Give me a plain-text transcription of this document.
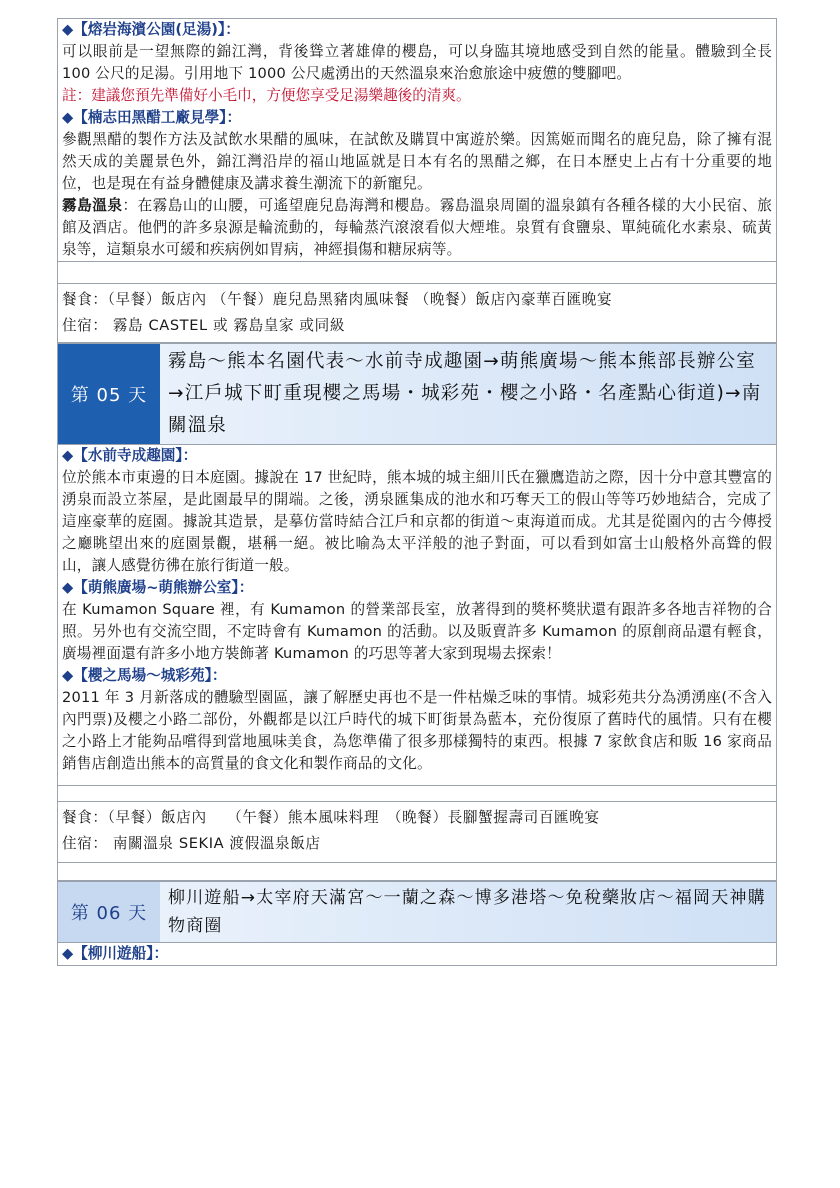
◆【熔岩海濱公園(足湯)】：
可以眼前是一望無際的錦江灣，背後聳立著雄偉的櫻島，可以身臨其境地感受到自然的能量。體驗到全長 100 公尺的足湯。引用地下 1000 公尺處湧出的天然溫泉來治愈旅途中疲憊的雙腳吧。
註：建議您預先準備好小毛巾，方便您享受足湯樂趣後的清爽。
◆【楠志田黑醋工廠見學】：
參觀黑醋的製作方法及試飲水果醋的風味，在試飲及購買中寓遊於樂。因篤姬而聞名的鹿兒島，除了擁有混然天成的美麗景色外，錦江灣沿岸的福山地區就是日本有名的黑醋之鄉，在日本歷史上占有十分重要的地位，也是現在有益身體健康及講求養生潮流下的新寵兒。
霧島溫泉：在霧島山的山腰，可遙望鹿兒島海灣和櫻島。霧島溫泉周圍的溫泉鎮有各種各樣的大小民宿、旅館及酒店。他們的許多泉源是輪流動的，每輪蒸汽滾滾看似大煙堆。泉質有食鹽泉、單純硫化水素泉、硫黃泉等，這類泉水可緩和疾病例如胃病，神經損傷和糖尿病等。
餐食：（早餐）飯店內 （午餐）鹿兒島黑豬肉風味餐 （晚餐）飯店內豪華百匯晚宴
住宿： 霧島 CASTEL 或 霧島皇家 或同級
第 05 天
霧島～熊本名園代表～水前寺成趣園→萌熊廣場～熊本熊部長辦公室→江戶城下町重現櫻之馬場・城彩苑・櫻之小路・名產點心街道)→南關溫泉
◆【水前寺成趣園】：
位於熊本市東邊的日本庭園。據說在 17 世紀時，熊本城的城主細川氏在獵鷹造訪之際，因十分中意其豐富的湧泉而設立茶屋，是此園最早的開端。之後，湧泉匯集成的池水和巧奪天工的假山等等巧妙地結合，完成了這座豪華的庭園。據說其造景，是摹仿當時結合江戶和京都的街道～東海道而成。尤其是從園內的古今傳授之廳眺望出來的庭園景觀，堪稱一絕。被比喻為太平洋般的池子對面，可以看到如富士山般格外高聳的假山，讓人感覺彷彿在旅行街道一般。
◆【萌熊廣場~萌熊辦公室】：
在 Kumamon Square 裡，有 Kumamon 的營業部長室，放著得到的獎杯獎狀還有跟許多各地吉祥物的合照。另外也有交流空間，不定時會有 Kumamon 的活動。以及販賣許多 Kumamon 的原創商品還有輕食，廣場裡面還有許多小地方裝飾著 Kumamon 的巧思等著大家到現場去探索！
◆【櫻之馬場～城彩苑】：
2011 年 3 月新落成的體驗型園區，讓了解歷史再也不是一件枯燥乏味的事情。城彩苑共分為湧湧座(不含入內門票)及櫻之小路二部份，外觀都是以江戶時代的城下町街景為藍本，充份復原了舊時代的風情。只有在櫻之小路上才能夠品嚐得到當地風味美食，為您準備了很多那樣獨特的東西。根據 7 家飲食店和販 16 家商品銷售店創造出熊本的高質量的食文化和製作商品的文化。
餐食：（早餐）飯店內　 （午餐）熊本風味料理　（晚餐）長腳蟹握壽司百匯晚宴
住宿： 南關溫泉 SEKIA 渡假溫泉飯店
第 06 天
柳川遊船→太宰府天滿宮～一蘭之森～博多港塔～免稅藥妝店～福岡天神購物商圈
◆【柳川遊船】：
